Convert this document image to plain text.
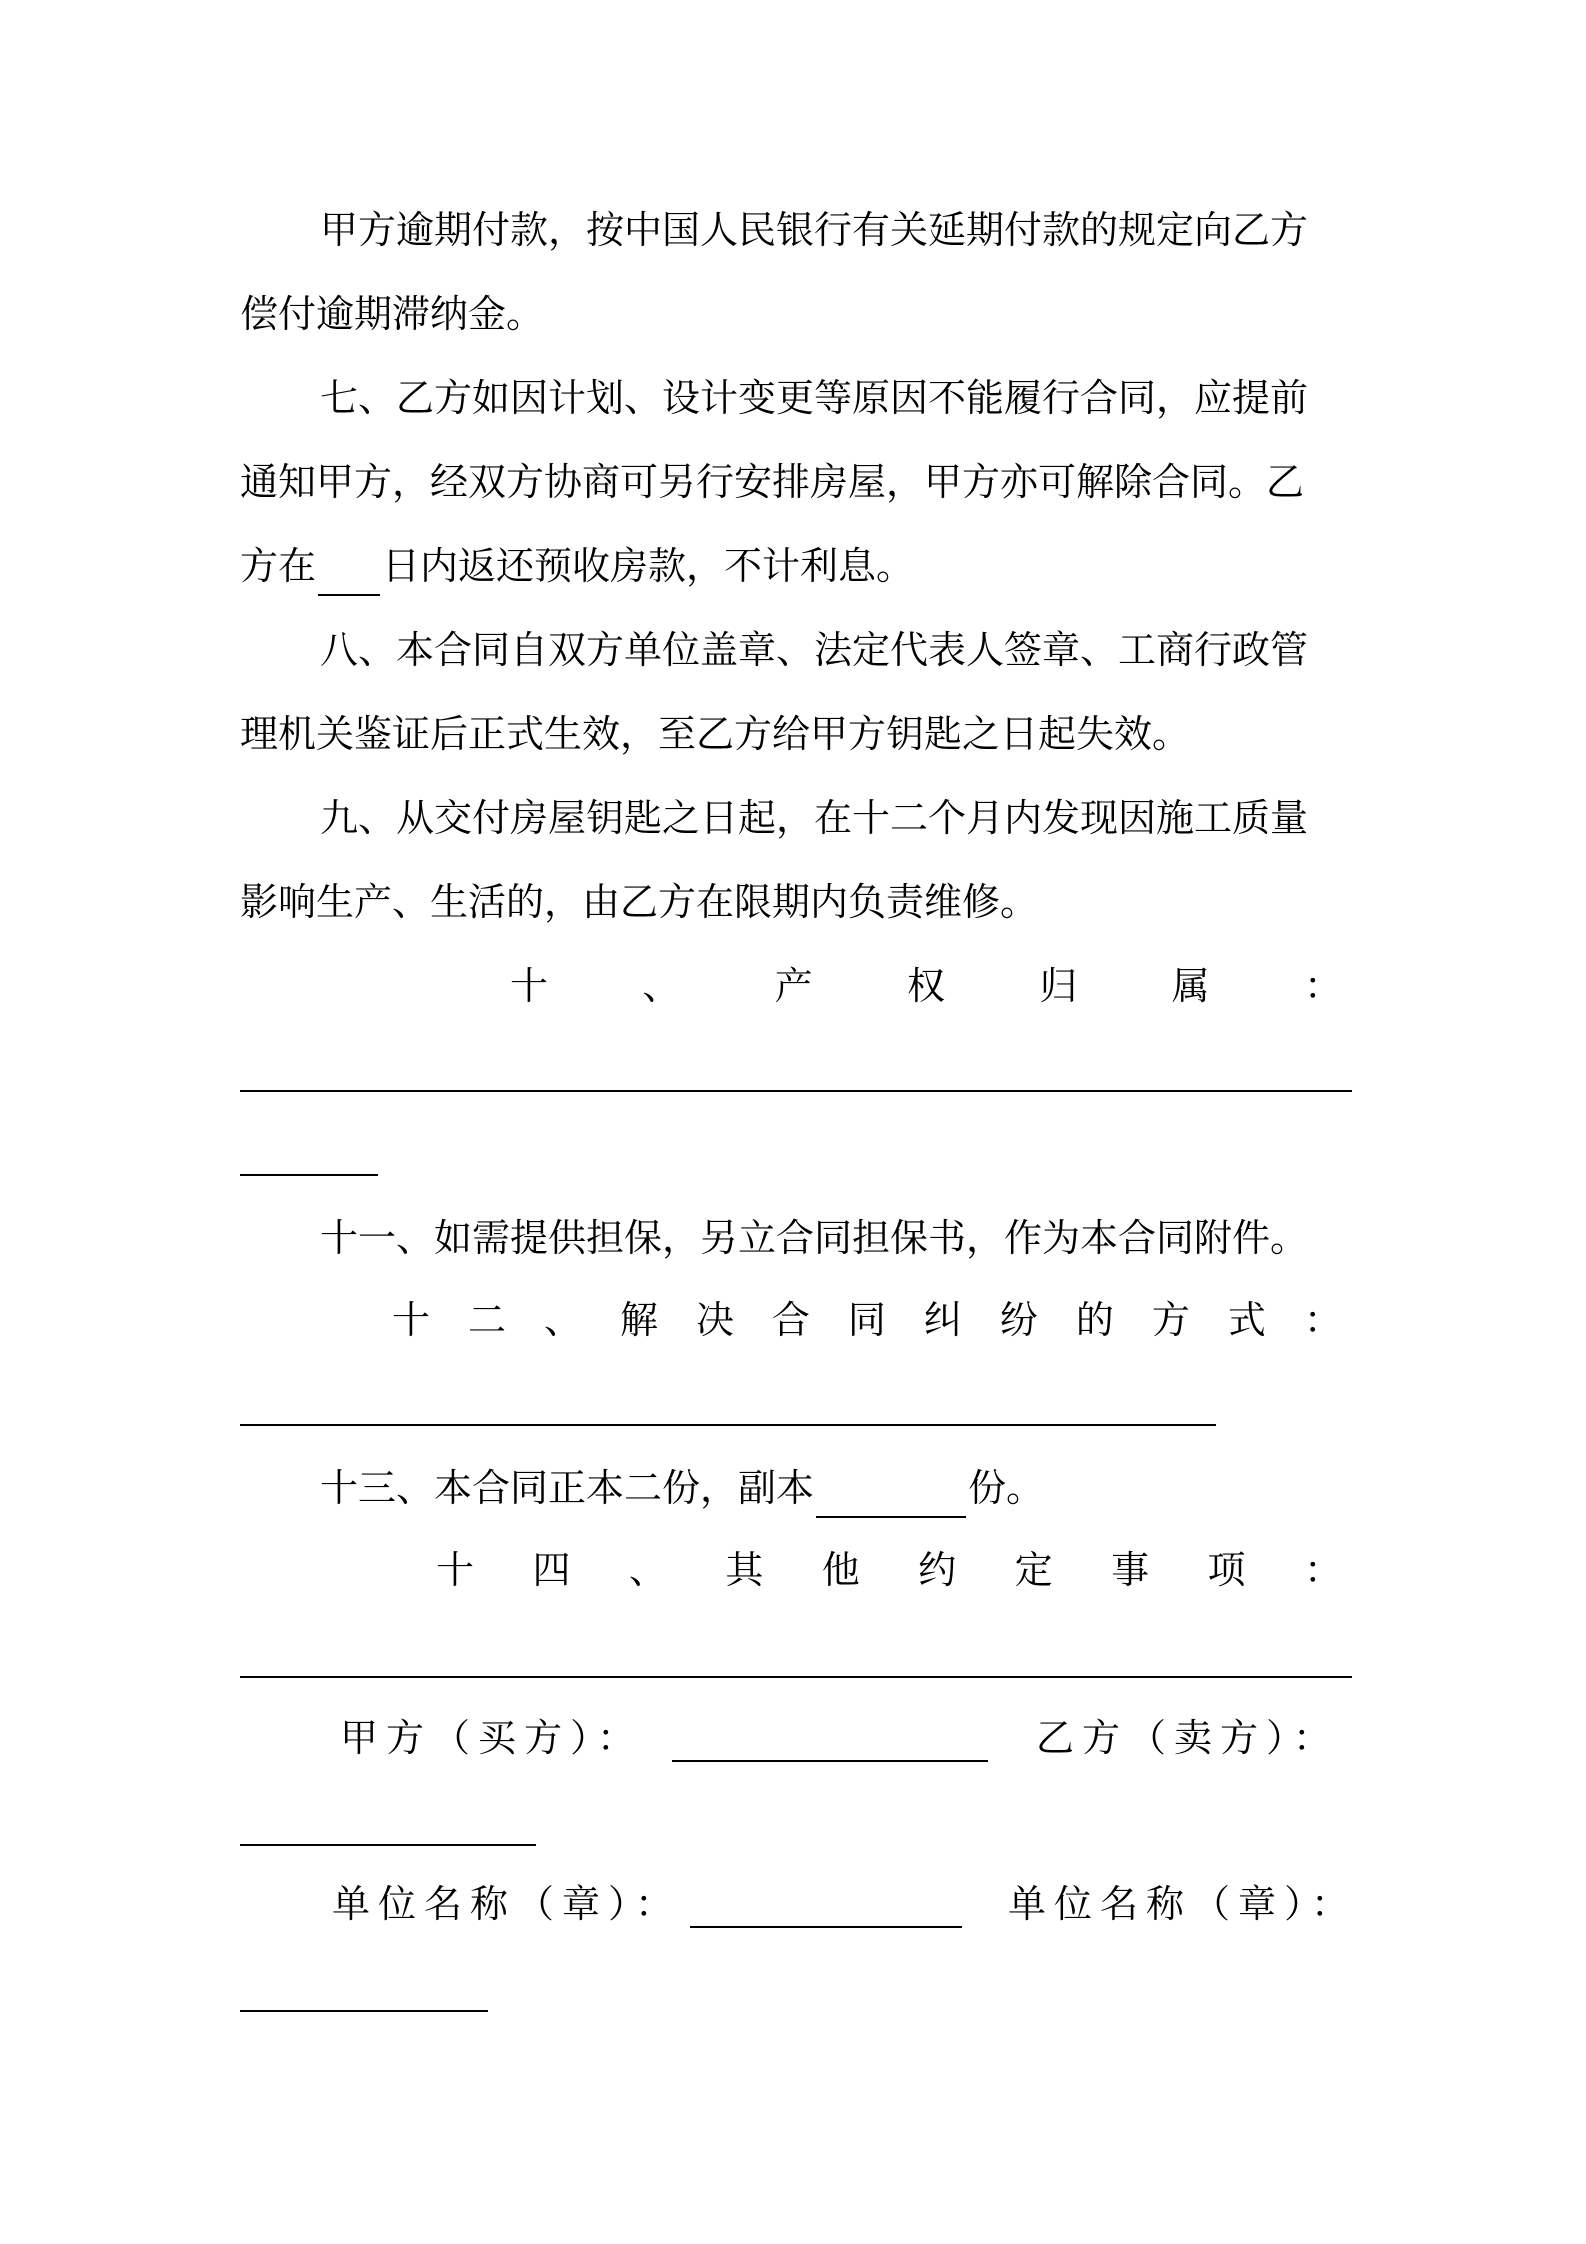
甲方逾期付款，按中国人民银行有关延期付款的规定向乙方
偿付逾期滞纳金。
七、乙方如因计划、设计变更等原因不能履行合同，应提前
通知甲方，经双方协商可另行安排房屋，甲方亦可解除合同。乙
方在 日内返还预收房款，不计利息。
八、本合同自双方单位盖章、法定代表人签章、工商行政管
理机关鉴证后正式生效，至乙方给甲方钥匙之日起失效。
九、从交付房屋钥匙之日起，在十二个月内发现因施工质量
影响生产、生活的，由乙方在限期内负责维修。
十 、 产 权 归 属 ：
十一、如需提供担保，另立合同担保书，作为本合同附件。
十 二 、 解 决 合 同 纠 纷 的 方 式 ：
十三、本合同正本二份，副本	份。
十 四 、 其 他 约 定 事 项 ：
甲方（买方）：	乙方（卖方）：
单位名称（章）：	单位名称（章）：
